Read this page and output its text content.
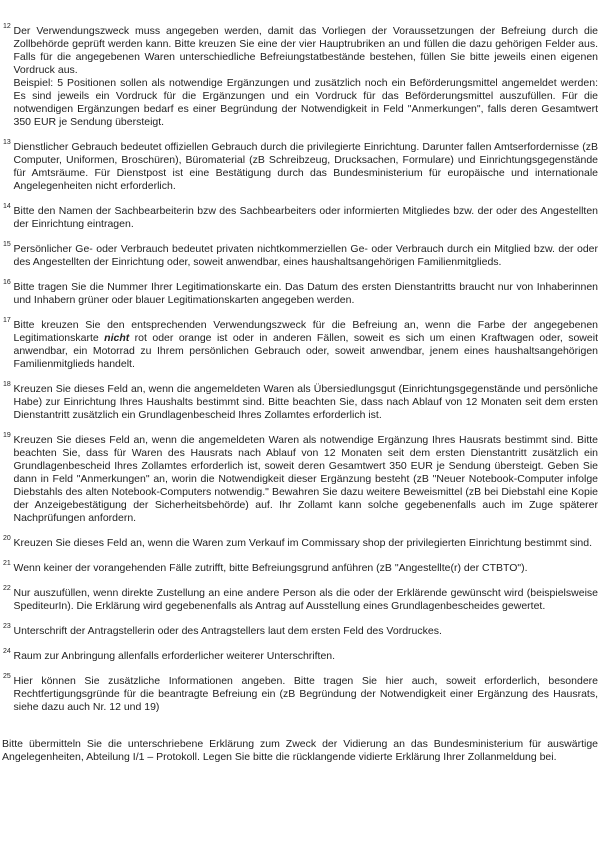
12 Der Verwendungszweck muss angegeben werden, damit das Vorliegen der Voraussetzungen der Befreiung durch die Zollbehörde geprüft werden kann. Bitte kreuzen Sie eine der vier Hauptrubriken an und füllen die dazu gehörigen Felder aus. Falls für die angegebenen Waren unterschiedliche Befreiungstatbestände bestehen, füllen Sie bitte jeweils einen eigenen Vordruck aus.
Beispiel: 5 Positionen sollen als notwendige Ergänzungen und zusätzlich noch ein Beförderungsmittel angemeldet werden: Es sind jeweils ein Vordruck für die Ergänzungen und ein Vordruck für das Beförderungsmittel auszufüllen. Für die notwendigen Ergänzungen bedarf es einer Begründung der Notwendigkeit in Feld "Anmerkungen", falls deren Gesamtwert 350 EUR je Sendung übersteigt.
13 Dienstlicher Gebrauch bedeutet offiziellen Gebrauch durch die privilegierte Einrichtung. Darunter fallen Amtserfordernisse (zB Computer, Uniformen, Broschüren), Büromaterial (zB Schreibzeug, Drucksachen, Formulare) und Einrichtungsgegenstände für Amtsräume. Für Dienstpost ist eine Bestätigung durch das Bundesministerium für europäische und internationale Angelegenheiten nicht erforderlich.
14 Bitte den Namen der Sachbearbeiterin bzw des Sachbearbeiters oder informierten Mitgliedes bzw. der oder des Angestellten der Einrichtung eintragen.
15 Persönlicher Ge- oder Verbrauch bedeutet privaten nichtkommerziellen Ge- oder Verbrauch durch ein Mitglied bzw. der oder des Angestellten der Einrichtung oder, soweit anwendbar, eines haushaltsangehörigen Familienmitglieds.
16 Bitte tragen Sie die Nummer Ihrer Legitimationskarte ein. Das Datum des ersten Dienstantritts braucht nur von Inhaberinnen und Inhabern grüner oder blauer Legitimationskarten angegeben werden.
17 Bitte kreuzen Sie den entsprechenden Verwendungszweck für die Befreiung an, wenn die Farbe der angegebenen Legitimationskarte nicht rot oder orange ist oder in anderen Fällen, soweit es sich um einen Kraftwagen oder, soweit anwendbar, ein Motorrad zu Ihrem persönlichen Gebrauch oder, soweit anwendbar, jenem eines haushaltsangehörigen Familienmitglieds handelt.
18 Kreuzen Sie dieses Feld an, wenn die angemeldeten Waren als Übersiedlungsgut (Einrichtungsgegenstände und persönliche Habe) zur Einrichtung Ihres Haushalts bestimmt sind. Bitte beachten Sie, dass nach Ablauf von 12 Monaten seit dem ersten Dienstantritt zusätzlich ein Grundlagenbescheid Ihres Zollamtes erforderlich ist.
19 Kreuzen Sie dieses Feld an, wenn die angemeldeten Waren als notwendige Ergänzung Ihres Hausrats bestimmt sind. Bitte beachten Sie, dass für Waren des Hausrats nach Ablauf von 12 Monaten seit dem ersten Dienstantritt zusätzlich ein Grundlagenbescheid Ihres Zollamtes erforderlich ist, soweit deren Gesamtwert 350 EUR je Sendung übersteigt. Geben Sie dann in Feld "Anmerkungen" an, worin die Notwendigkeit dieser Ergänzung besteht (zB "Neuer Notebook-Computer infolge Diebstahls des alten Notebook-Computers notwendig." Bewahren Sie dazu weitere Beweismittel (zB bei Diebstahl eine Kopie der Anzeigebestätigung der Sicherheitsbehörde) auf. Ihr Zollamt kann solche gegebenenfalls auch im Zuge späterer Nachprüfungen anfordern.
20 Kreuzen Sie dieses Feld an, wenn die Waren zum Verkauf im Commissary shop der privilegierten Einrichtung bestimmt sind.
21 Wenn keiner der vorangehenden Fälle zutrifft, bitte Befreiungsgrund anführen (zB "Angestellte(r) der CTBTO").
22 Nur auszufüllen, wenn direkte Zustellung an eine andere Person als die oder der Erklärende gewünscht wird (beispielsweise SpediteurIn). Die Erklärung wird gegebenenfalls als Antrag auf Ausstellung eines Grundlagenbescheides gewertet.
23 Unterschrift der Antragstellerin oder des Antragstellers laut dem ersten Feld des Vordruckes.
24 Raum zur Anbringung allenfalls erforderlicher weiterer Unterschriften.
25 Hier können Sie zusätzliche Informationen angeben. Bitte tragen Sie hier auch, soweit erforderlich, besondere Rechtfertigungsgründe für die beantragte Befreiung ein (zB Begründung der Notwendigkeit einer Ergänzung des Hausrats, siehe dazu auch Nr. 12 und 19)
Bitte übermitteln Sie die unterschriebene Erklärung zum Zweck der Vidierung an das Bundesministerium für auswärtige Angelegenheiten, Abteilung I/1 – Protokoll. Legen Sie bitte die rücklangende vidierte Erklärung Ihrer Zollanmeldung bei.
